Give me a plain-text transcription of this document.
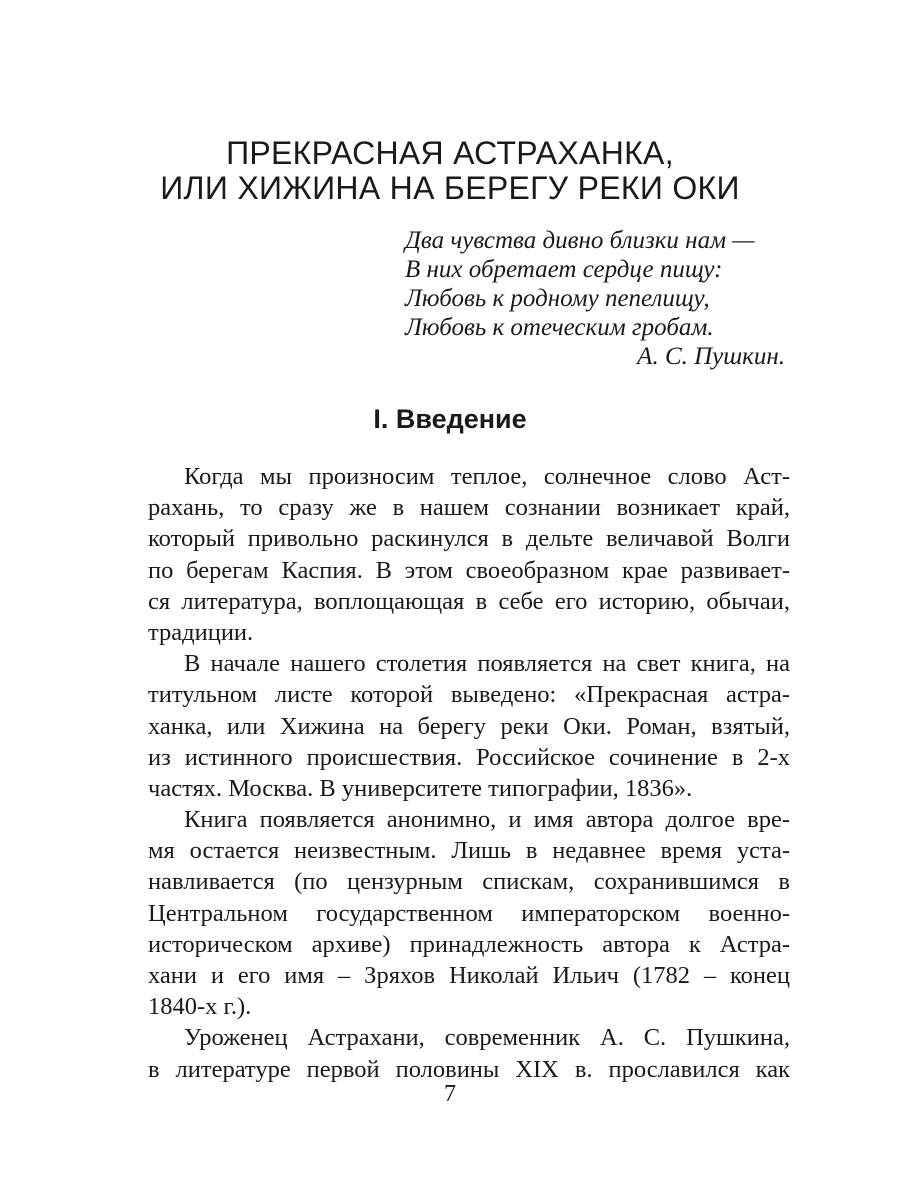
ПРЕКРАСНАЯ АСТРАХАНКА,
ИЛИ ХИЖИНА НА БЕРЕГУ РЕКИ ОКИ
Два чувства дивно близки нам —
В них обретает сердце пищу:
Любовь к родному пепелищу,
Любовь к отеческим гробам.
А. С. Пушкин.
I. Введение
Когда мы произносим теплое, солнечное слово Аст-
рахань, то сразу же в нашем сознании возникает край,
который привольно раскинулся в дельте величавой Волги
по берегам Каспия. В этом своеобразном крае развивает-
ся литература, воплощающая в себе его историю, обычаи,
традиции.
В начале нашего столетия появляется на свет книга, на
титульном листе которой выведено: «Прекрасная астра-
ханка, или Хижина на берегу реки Оки. Роман, взятый,
из истинного происшествия. Российское сочинение в 2-х
частях. Москва. В университете типографии, 1836».
Книга появляется анонимно, и имя автора долгое вре-
мя остается неизвестным. Лишь в недавнее время уста-
навливается (по цензурным спискам, сохранившимся в
Центральном государственном императорском военно-
историческом архиве) принадлежность автора к Астра-
хани и его имя – Зряхов Николай Ильич (1782 – конец
1840-х г.).
Уроженец Астрахани, современник А. С. Пушкина,
в литературе первой половины XIX в. прославился как
7
